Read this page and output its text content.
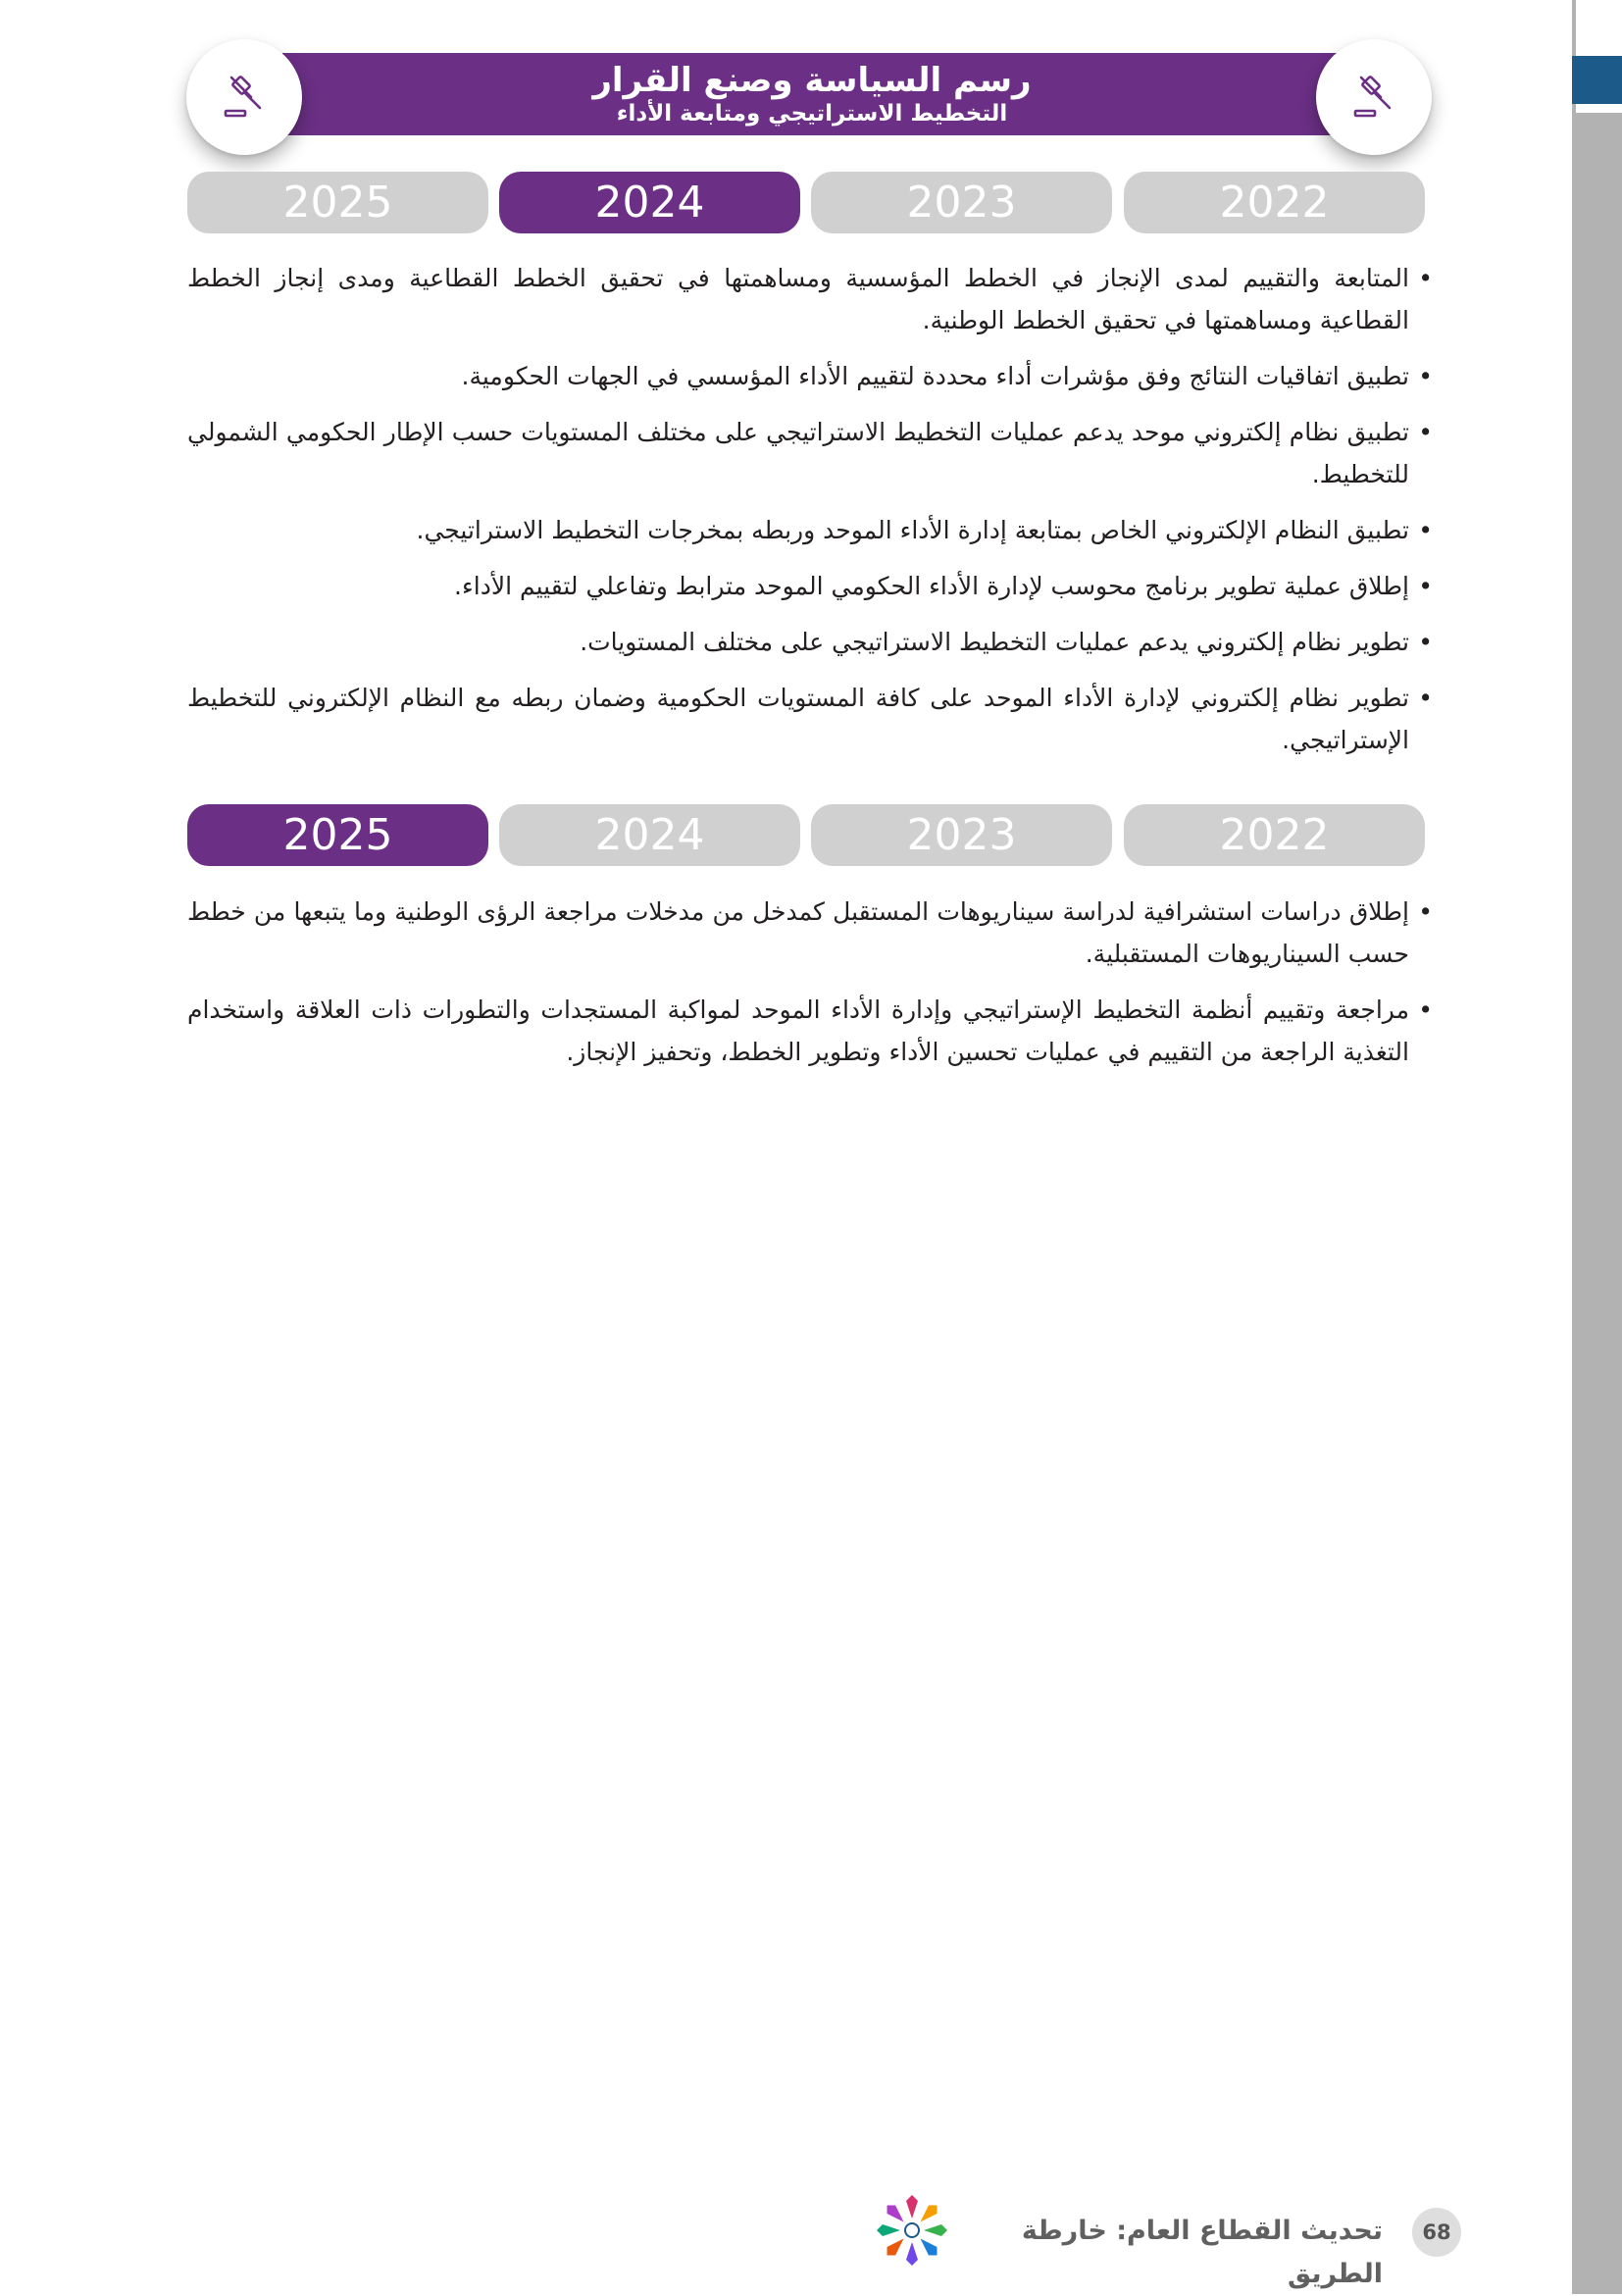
رسم السياسة وصنع القرار
التخطيط الاستراتيجي ومتابعة الأداء
2025	2024	2023	2022
• المتابعة والتقييم لمدى الإنجاز في الخطط المؤسسية ومساهمتها في تحقيق الخطط القطاعية ومدى إنجاز الخطط القطاعية ومساهمتها في تحقيق الخطط الوطنية.
• تطبيق اتفاقيات النتائج وفق مؤشرات أداء محددة لتقييم الأداء المؤسسي في الجهات الحكومية.
• تطبيق نظام إلكتروني موحد يدعم عمليات التخطيط الاستراتيجي على مختلف المستويات حسب الإطار الحكومي الشمولي للتخطيط.
• تطبيق النظام الإلكتروني الخاص بمتابعة إدارة الأداء الموحد وربطه بمخرجات التخطيط الاستراتيجي.
• إطلاق عملية تطوير برنامج محوسب لإدارة الأداء الحكومي الموحد مترابط وتفاعلي لتقييم الأداء.
• تطوير نظام إلكتروني يدعم عمليات التخطيط الاستراتيجي على مختلف المستويات.
• تطوير نظام إلكتروني لإدارة الأداء الموحد على كافة المستويات الحكومية وضمان ربطه مع النظام الإلكتروني للتخطيط الإستراتيجي.
2025	2024	2023	2022
• إطلاق دراسات استشرافية لدراسة سيناريوهات المستقبل كمدخل من مدخلات مراجعة الرؤى الوطنية وما يتبعها من خطط حسب السيناريوهات المستقبلية.
• مراجعة وتقييم أنظمة التخطيط الإستراتيجي وإدارة الأداء الموحد لمواكبة المستجدات والتطورات ذات العلاقة واستخدام التغذية الراجعة من التقييم في عمليات تحسين الأداء وتطوير الخطط، وتحفيز الإنجاز.
68
تحديث القطاع العام: خارطة الطريق
